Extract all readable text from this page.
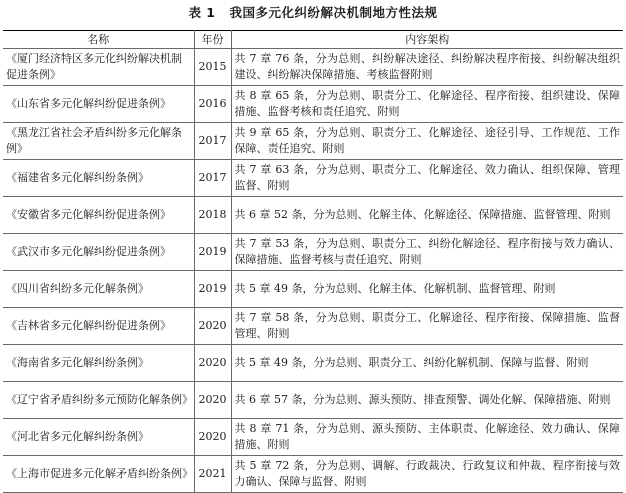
表 1 我国多元化纠纷解决机制地方性法规
名称	年份	内容架构
《厦门经济特区多元化纠纷解决机制促进条例》	2015	共 7 章 76 条，分为总则、纠纷解决途径、纠纷解决程序衔接、纠纷解决组织建设、纠纷解决保障措施、考核监督附则
《山东省多元化解纠纷促进条例》	2016	共 8 章 65 条，分为总则、职责分工、化解途径、程序衔接、组织建设、保障措施、监督考核和责任追究、附则
《黑龙江省社会矛盾纠纷多元化解条例》	2017	共 9 章 65 条，分为总则、职责分工、化解途径、途径引导、工作规范、工作保障、责任追究、附则
《福建省多元化解纠纷条例》	2017	共 7 章 63 条，分为总则、职责分工、化解途径、效力确认、组织保障、管理监督、附则
《安徽省多元化解纠纷促进条例》	2018	共 6 章 52 条，分为总则、化解主体、化解途径、保障措施、监督管理、附则
《武汉市多元化解纠纷促进条例》	2019	共 7 章 53 条，分为总则、职责分工、纠纷化解途径、程序衔接与效力确认、保障措施、监督考核与责任追究、附则
《四川省纠纷多元化解条例》	2019	共 5 章 49 条，分为总则、化解主体、化解机制、监督管理、附则
《吉林省多元化解纠纷促进条例》	2020	共 7 章 58 条，分为总则、职责分工、化解途径、程序衔接、保障措施、监督管理、附则
《海南省多元化解纠纷条例》	2020	共 5 章 49 条，分为总则、职责分工、纠纷化解机制、保障与监督、附则
《辽宁省矛盾纠纷多元预防化解条例》	2020	共 6 章 57 条，分为总则、源头预防、排查预警、调处化解、保障措施、附则
《河北省多元化解纠纷条例》	2020	共 8 章 71 条，分为总则、源头预防、主体职责、化解途径、效力确认、保障措施、附则
《上海市促进多元化解矛盾纠纷条例》	2021	共 5 章 72 条，分为总则、调解、行政裁决、行政复议和仲裁、程序衔接与效力确认、保障与监督、附则
